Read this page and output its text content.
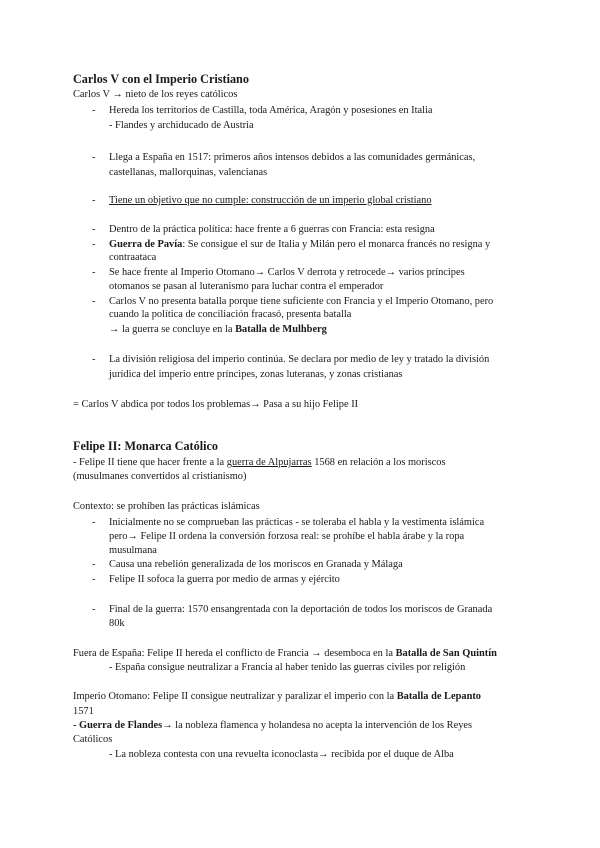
Carlos V con el Imperio Cristiano
Carlos V → nieto de los reyes católicos
- Hereda los territorios de Castilla, toda América, Aragón y posesiones en Italia
- Flandes y archiducado de Austria
- Llega a España en 1517: primeros años intensos debidos a las comunidades germánicas,
castellanas, mallorquinas, valencianas
- Tiene un objetivo que no cumple: construcción de un imperio global cristiano
- Dentro de la práctica política: hace frente a 6 guerras con Francia: esta resigna
- Guerra de Pavía: Se consigue el sur de Italia y Milán pero el monarca francés no resigna y
contraataca
- Se hace frente al Imperio Otomano→ Carlos V derrota y retrocede→ varios príncipes
otomanos se pasan al luteranismo para luchar contra el emperador
- Carlos V no presenta batalla porque tiene suficiente con Francia y el Imperio Otomano, pero
cuando la política de conciliación fracasó, presenta batalla
→ la guerra se concluye en la Batalla de Mulhberg
- La división religiosa del imperio continúa. Se declara por medio de ley y tratado la división
jurídica del imperio entre príncipes, zonas luteranas, y zonas cristianas
= Carlos V abdica por todos los problemas→ Pasa a su hijo Felipe II
Felipe II: Monarca Católico
- Felipe II tiene que hacer frente a la guerra de Alpujarras 1568 en relación a los moriscos
(musulmanes convertidos al cristianismo)
Contexto: se prohíben las prácticas islámicas
- Inicialmente no se comprueban las prácticas - se toleraba el habla y la vestimenta islámica
pero→ Felipe II ordena la conversión forzosa real: se prohíbe el habla árabe y la ropa
musulmana
- Causa una rebelión generalizada de los moriscos en Granada y Málaga
- Felipe II sofoca la guerra por medio de armas y ejército
- Final de la guerra: 1570 ensangrentada con la deportación de todos los moriscos de Granada
80k
Fuera de España: Felipe II hereda el conflicto de Francia → desemboca en la Batalla de San Quintín
- España consigue neutralizar a Francia al haber tenido las guerras civiles por religión
Imperio Otomano: Felipe II consigue neutralizar y paralizar el imperio con la Batalla de Lepanto
1571
- Guerra de Flandes→ la nobleza flamenca y holandesa no acepta la intervención de los Reyes
Católicos
- La nobleza contesta con una revuelta iconoclasta→ recibida por el duque de Alba
